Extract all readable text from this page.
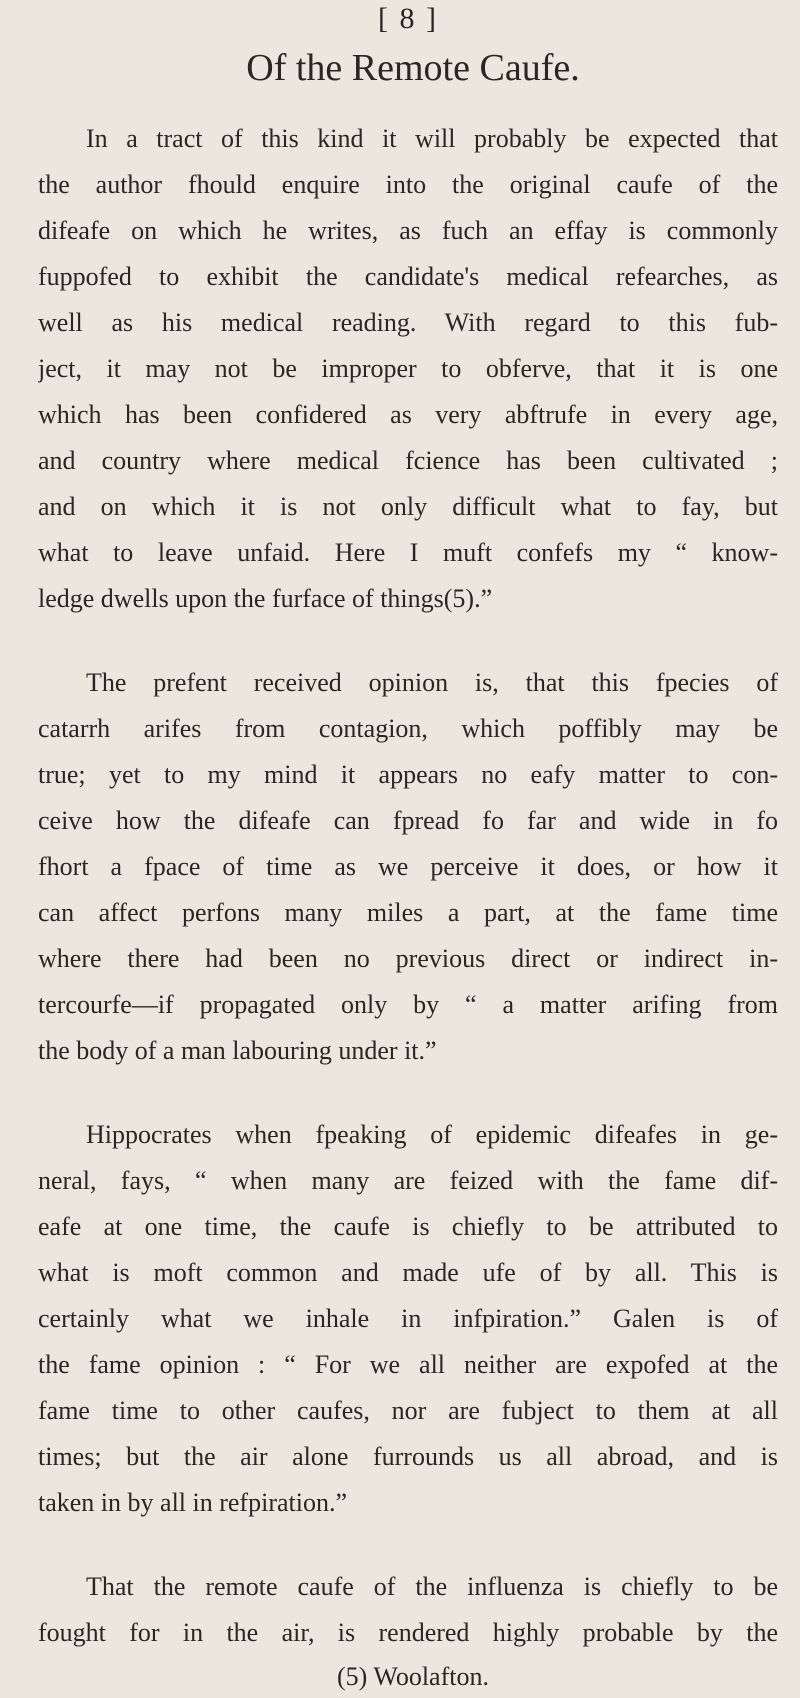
[ 8 ]
Of the Remote Caufe.
In a tract of this kind it will probably be expected that
the author fhould enquire into the original caufe of the
difeafe on which he writes, as fuch an effay is commonly
fuppofed to exhibit the candidate's medical refearches, as
well as his medical reading. With regard to this fub-
ject, it may not be improper to obferve, that it is one
which has been confidered as very abftrufe in every age,
and country where medical fcience has been cultivated ;
and on which it is not only difficult what to fay, but
what to leave unfaid. Here I muft confefs my “ know-
ledge dwells upon the furface of things(5).”
The prefent received opinion is, that this fpecies of
catarrh arifes from contagion, which poffibly may be
true; yet to my mind it appears no eafy matter to con-
ceive how the difeafe can fpread fo far and wide in fo
fhort a fpace of time as we perceive it does, or how it
can affect perfons many miles a part, at the fame time
where there had been no previous direct or indirect in-
tercourfe—if propagated only by “ a matter arifing from
the body of a man labouring under it.”
Hippocrates when fpeaking of epidemic difeafes in ge-
neral, fays, “ when many are feized with the fame dif-
eafe at one time, the caufe is chiefly to be attributed to
what is moft common and made ufe of by all. This is
certainly what we inhale in infpiration.” Galen is of
the fame opinion : “ For we all neither are expofed at the
fame time to other caufes, nor are fubject to them at all
times; but the air alone furrounds us all abroad, and is
taken in by all in refpiration.”
That the remote caufe of the influenza is chiefly to be
fought for in the air, is rendered highly probable by the
(5) Woolafton.
